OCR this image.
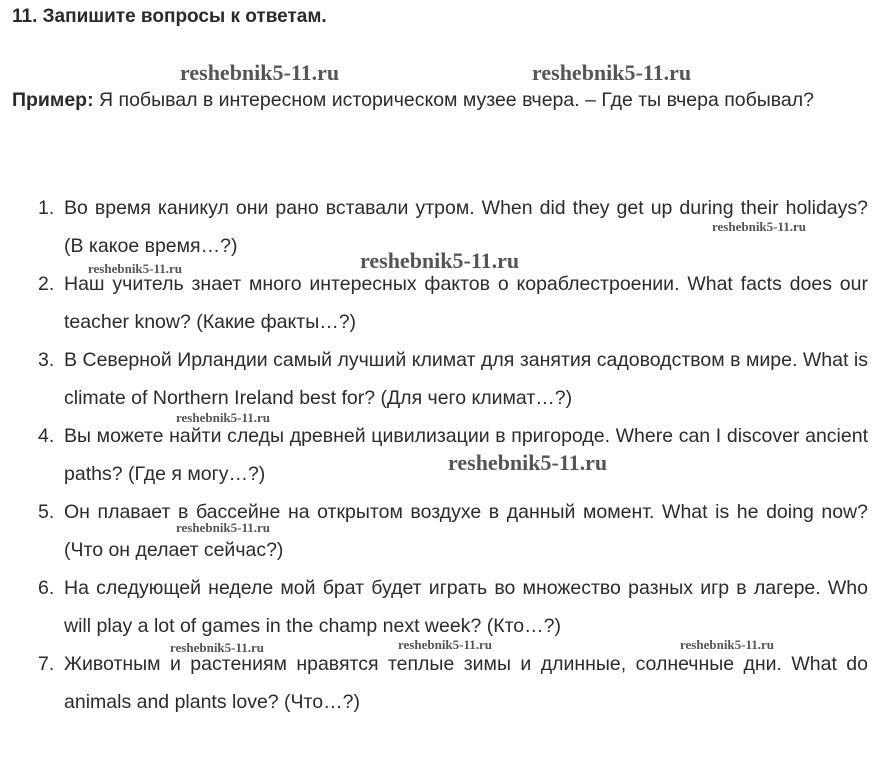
11. Запишите вопросы к ответам.
Пример: Я побывал в интересном историческом музее вчера. – Где ты вчера побывал?
1. Во время каникул они рано вставали утром. When did they get up during their holidays? (В какое время…?)
2. Наш учитель знает много интересных фактов о кораблестроении. What facts does our teacher know? (Какие факты…?)
3. В Северной Ирландии самый лучший климат для занятия садоводством в мире. What is climate of Northern Ireland best for? (Для чего климат…?)
4. Вы можете найти следы древней цивилизации в пригороде. Where can I discover ancient paths? (Где я могу…?)
5. Он плавает в бассейне на открытом воздухе в данный момент. What is he doing now? (Что он делает сейчас?)
6. На следующей неделе мой брат будет играть во множество разных игр в лагере. Who will play a lot of games in the champ next week? (Кто…?)
7. Животным и растениям нравятся теплые зимы и длинные, солнечные дни. What do animals and plants love? (Что…?)
reshebnik5-11.ru	reshebnik5-11.ru
reshebnik5-11.ru
reshebnik5-11.ru
reshebnik5-11.ru
reshebnik5-11.ru
reshebnik5-11.ru
reshebnik5-11.ru
reshebnik5-11.ru	reshebnik5-11.ru	reshebnik5-11.ru
